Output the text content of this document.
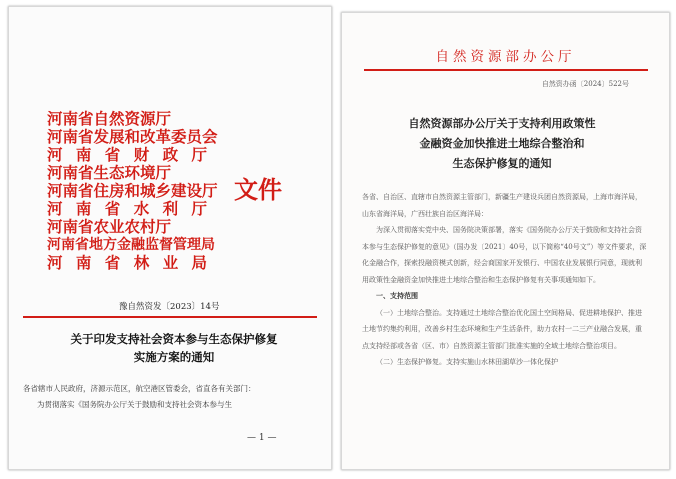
河南省自然资源厅
河南省发展和改革委员会
河 南 省 财 政 厅
河南省生态环境厅
河南省住房和城乡建设厅
河 南 省 水 利 厅
河南省农业农村厅
河南省地方金融监督管理局
河 南 省 林 业 局
文件
豫自然资发〔2023〕14号
关于印发支持社会资本参与生态保护修复
实施方案的通知
各省辖市人民政府，济源示范区，航空港区管委会，省直各有关部门：
为贯彻落实《国务院办公厅关于鼓励和支持社会资本参与生
— 1 —
自然资源部办公厅
自然资办函〔2024〕522号
自然资源部办公厅关于支持利用政策性
金融资金加快推进土地综合整治和
生态保护修复的通知

各省、自治区、直辖市自然资源主管部门，新疆生产建设兵团自然资源局，上海市海洋局，山东省海洋局，广西壮族自治区海洋局：

为深入贯彻落实党中央、国务院决策部署，落实《国务院办公厅关于鼓励和支持社会资本参与生态保护修复的意见》（国办发〔2021〕40号，以下简称“40号文”）等文件要求，深化金融合作，探索投融资模式创新，经会商国家开发银行、中国农业发展银行同意，现就利用政策性金融资金加快推进土地综合整治和生态保护修复有关事项通知如下。

一、支持范围

（一）土地综合整治。支持通过土地综合整治优化国土空间格局、促进耕地保护、推进土地节约集约利用，改善乡村生态环境和生产生活条件，助力农村一二三产业融合发展，重点支持经部或各省（区、市）自然资源主管部门批准实施的全域土地综合整治项目。

（二）生态保护修复。支持实施山水林田湖草沙一体化保护
